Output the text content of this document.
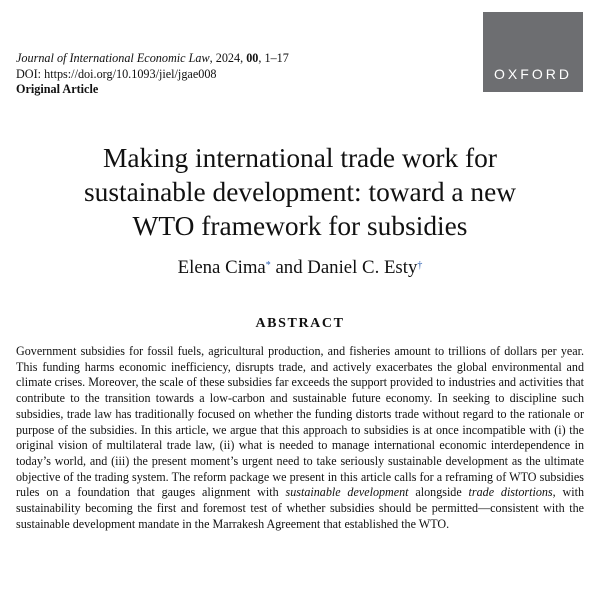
Journal of International Economic Law, 2024, 00, 1–17
DOI: https://doi.org/10.1093/jiel/jgae008
Original Article
OXFORD
Making international trade work for
sustainable development: toward a new
WTO framework for subsidies
Elena Cima* and Daniel C. Esty†
ABSTRACT

Government subsidies for fossil fuels, agricultural production, and fisheries amount to trillions of dollars per year. This funding harms economic inefficiency, disrupts trade, and actively exacerbates the global environmental and climate crises. Moreover, the scale of these subsidies far exceeds the support provided to industries and activities that contribute to the transition towards a low-carbon and sustainable future economy. In seeking to discipline such subsidies, trade law has traditionally focused on whether the funding distorts trade without regard to the rationale or purpose of the subsidies. In this article, we argue that this approach to subsidies is at once incompatible with (i) the original vision of multilateral trade law, (ii) what is needed to manage international economic interdependence in today’s world, and (iii) the present moment’s urgent need to take seriously sustainable development as the ultimate objective of the trading system. The reform package we present in this article calls for a reframing of WTO subsidies rules on a foundation that gauges alignment with sustainable development alongside trade distortions, with sustainability becoming the first and foremost test of whether subsidies should be permitted—consistent with the sustainable development mandate in the Marrakesh Agreement that established the WTO.
